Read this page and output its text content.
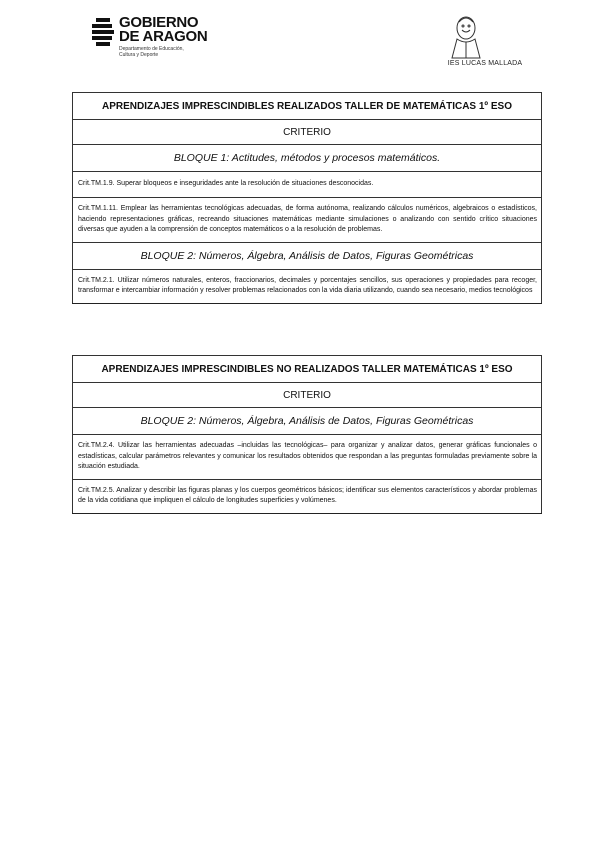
GOBIERNO
DE ARAGON
Departamento de Educación,
Cultura y Deporte
IES LUCAS MALLADA
APRENDIZAJES IMPRESCINDIBLES REALIZADOS TALLER DE MATEMÁTICAS 1º ESO
CRITERIO
BLOQUE 1: Actitudes, métodos y procesos matemáticos.
Crit.TM.1.9. Superar bloqueos e inseguridades ante la resolución de situaciones desconocidas.
Crit.TM.1.11. Emplear las herramientas tecnológicas adecuadas, de forma autónoma, realizando cálculos numéricos, algebraicos o estadísticos, haciendo representaciones gráficas, recreando situaciones matemáticas mediante simulaciones o analizando con sentido crítico situaciones diversas que ayuden a la comprensión de conceptos matemáticos o a la resolución de problemas.
BLOQUE 2: Números, Álgebra, Análisis de Datos, Figuras Geométricas
Crit.TM.2.1. Utilizar números naturales, enteros, fraccionarios, decimales y porcentajes sencillos, sus operaciones y propiedades para recoger, transformar e intercambiar información y resolver problemas relacionados con la vida diaria utilizando, cuando sea necesario, medios tecnológicos
APRENDIZAJES IMPRESCINDIBLES NO REALIZADOS TALLER MATEMÁTICAS 1º ESO
CRITERIO
BLOQUE 2: Números, Álgebra, Análisis de Datos, Figuras Geométricas
Crit.TM.2.4. Utilizar las herramientas adecuadas –incluidas las tecnológicas– para organizar y analizar datos, generar gráficas funcionales o estadísticas, calcular parámetros relevantes y comunicar los resultados obtenidos que respondan a las preguntas formuladas previamente sobre la situación estudiada.
Crit.TM.2.5. Analizar y describir las figuras planas y los cuerpos geométricos básicos; identificar sus elementos característicos y abordar problemas de la vida cotidiana que impliquen el cálculo de longitudes superficies y volúmenes.
